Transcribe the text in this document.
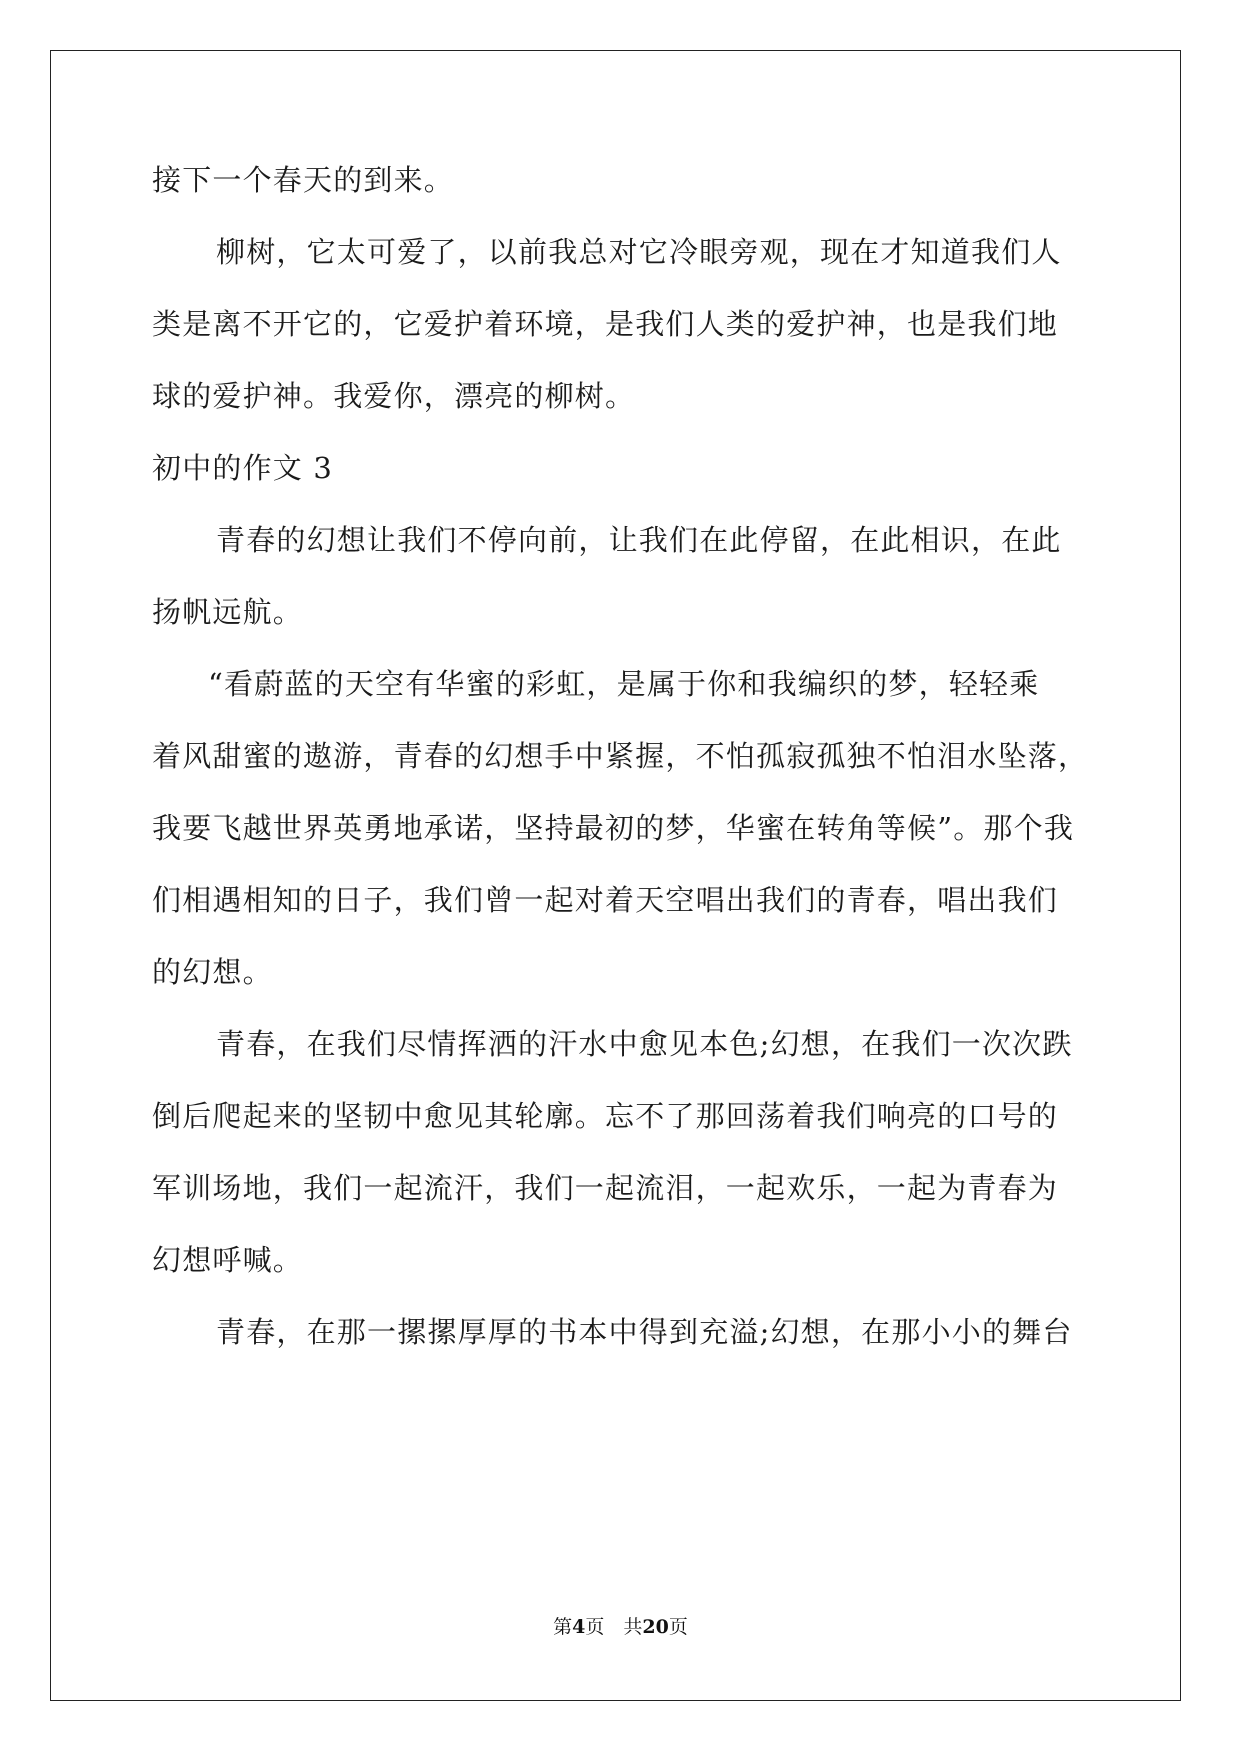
接下一个春天的到来。
柳树，它太可爱了，以前我总对它冷眼旁观，现在才知道我们人
类是离不开它的，它爱护着环境，是我们人类的爱护神，也是我们地
球的爱护神。我爱你，漂亮的柳树。
初中的作文 3
青春的幻想让我们不停向前，让我们在此停留，在此相识，在此
扬帆远航。
“看蔚蓝的天空有华蜜的彩虹，是属于你和我编织的梦，轻轻乘
着风甜蜜的遨游，青春的幻想手中紧握，不怕孤寂孤独不怕泪水坠落，
我要飞越世界英勇地承诺，坚持最初的梦，华蜜在转角等候”。那个我
们相遇相知的日子，我们曾一起对着天空唱出我们的青春，唱出我们
的幻想。
青春，在我们尽情挥洒的汗水中愈见本色;幻想，在我们一次次跌
倒后爬起来的坚韧中愈见其轮廓。忘不了那回荡着我们响亮的口号的
军训场地，我们一起流汗，我们一起流泪，一起欢乐，一起为青春为
幻想呼喊。
青春，在那一摞摞厚厚的书本中得到充溢;幻想，在那小小的舞台
第4页　共20页
